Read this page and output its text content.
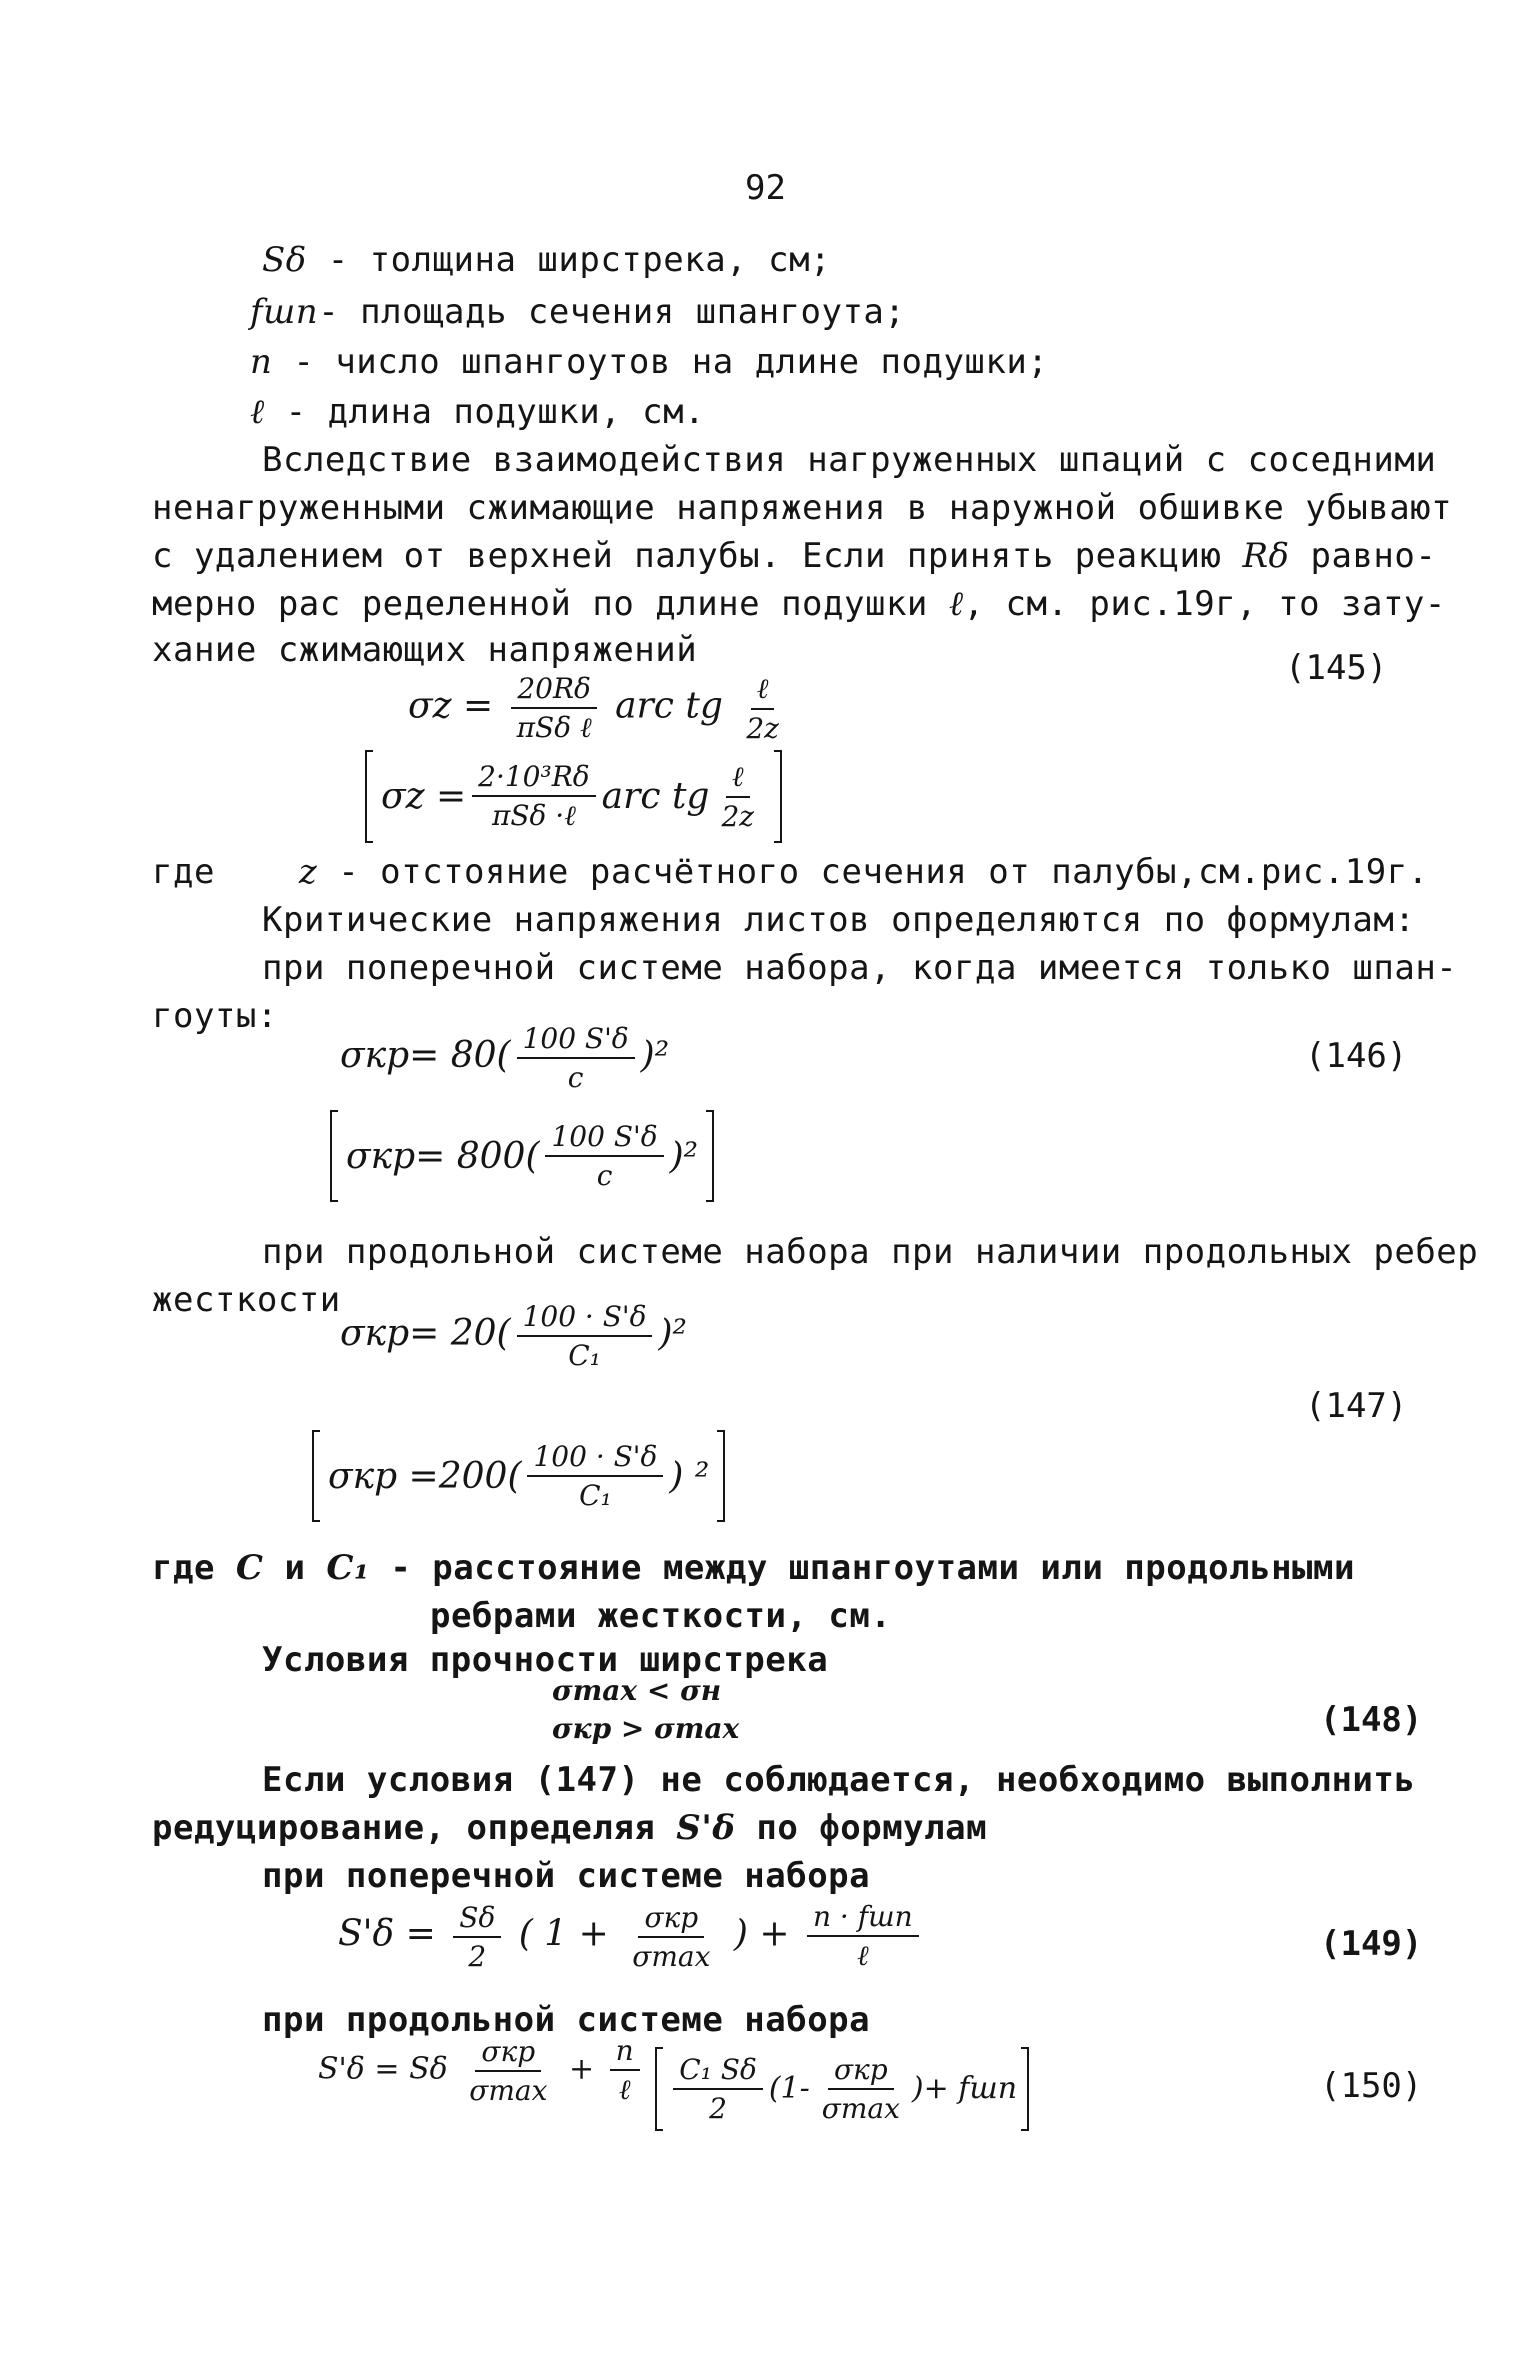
92
Sδ - толщина ширстрека, см;
fшп- площадь сечения шпангоута;
n - число шпангоутов на длине подушки;
ℓ - длина подушки, см.
Вследствие взаимодействия нагруженных шпаций с соседними
ненагруженными сжимающие напряжения в наружной обшивке убывают
с удалением от верхней палубы. Если принять реакцию Rδ равно-
мерно рас ределенной по длине подушки ℓ, см. рис.19г, то зату-
хание сжимающих напряжений	(145)
$\sigma z = \frac{20R\delta}{\text{πSδ ℓ}}$ arc tg $\frac{\text{ℓ}}{2z}$
$\sigma z = \frac{\text{2·10³Rδ}}{\text{πSδ ·ℓ}}$ arc tg $\frac{\text{ℓ}}{2z}$
где z - отстояние расчётного сечения от палубы,см.рис.19г.
Критические напряжения листов определяются по формулам:
при поперечной системе набора, когда имеется только шпан-
гоуты:
(146)
$\sigma кр= 80( \frac{100 S'\delta}{c} )^2$
$\sigma кр= 800( \frac{100 S'\delta}{c} )^2$
при продольной системе набора при наличии продольных ребер
жесткости
(147)
$\sigma кр= 20( \frac{100 \cdot S'\delta}{\text{C₁}} )^2$
$\sigma кр =200( \frac{100 \cdot S'\delta}{\text{C₁}}$ ) ²
где C и C₁ - расстояние между шпангоутами или продольными
ребрами жесткости, см.
Условия прочности ширстрека
σmax < σн
σкр > σmax	(148)
Если условия (147) не соблюдается, необходимо выполнить
редуцирование, определяя S'δ по формулам
при поперечной системе набора
$S'\delta = \frac{S\delta}{2}$ ( $1 + \frac{\text{σкр}}{\sigma\max}$ ) + $\frac{\text{n · fшп}}{\text{ℓ}}$	(149)
при продольной системе набора
S'δ = Sδ $\frac{\text{σкр}}{\sigma\max} + \frac{n}{\text{ℓ}}$
$\frac{\text{C₁ Sδ}}{2} (1- \frac{\text{σкр}}{\sigma\max}$ )+ fшп	(150)
